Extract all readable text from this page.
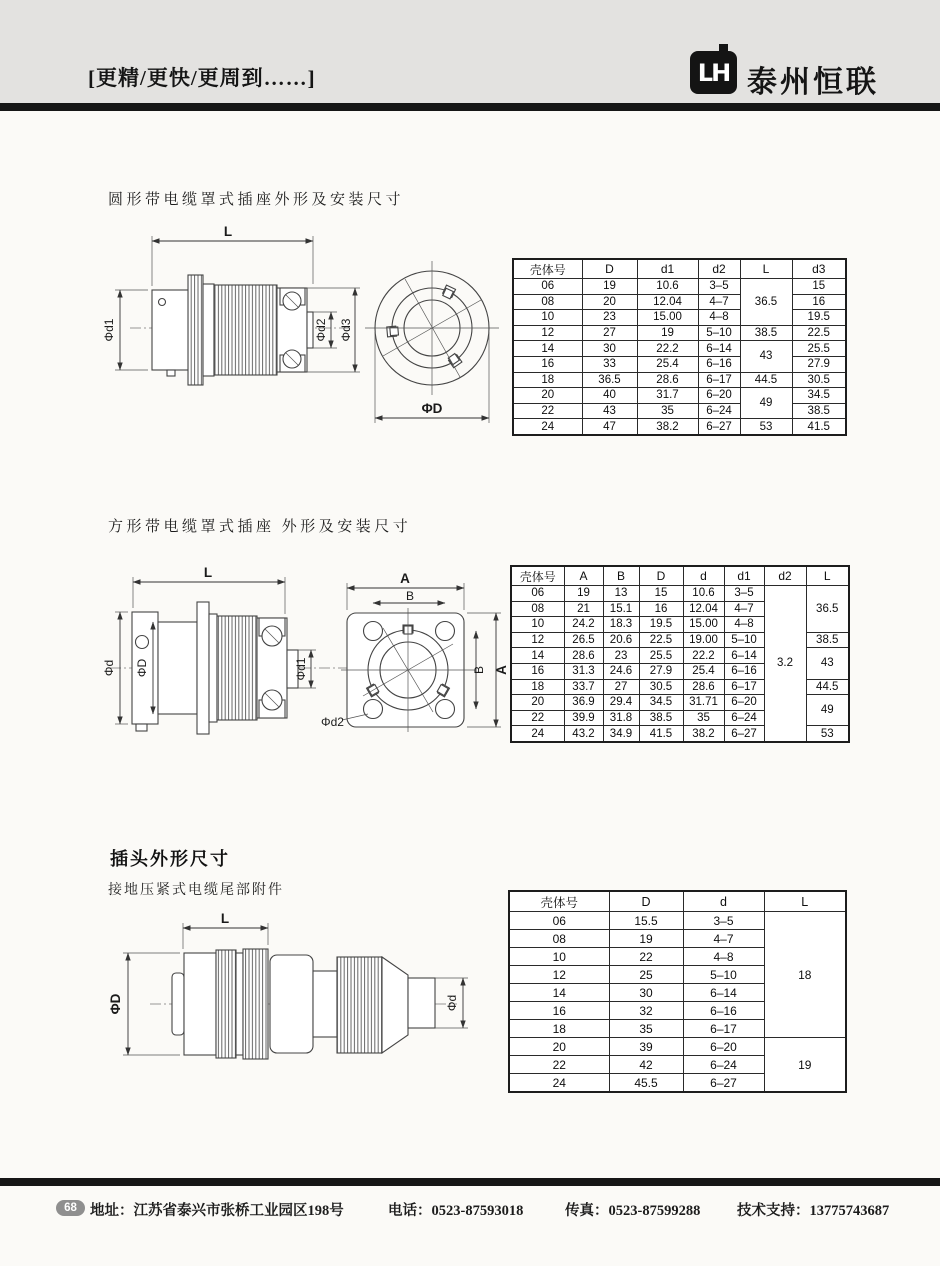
[更精/更快/更周到……]	LH 泰州恒联
圆形带电缆罩式插座外形及安装尺寸
L
Φd1	Φd2 Φd3
ΦD
壳体号	D	d1	d2	L	d3
06	19	10.6	3–5	36.5	15
08	20	12.04	4–7		16
10	23	15.00	4–8		19.5
12	27	19	5–10	38.5	22.5
14	30	22.2	6–14	43	25.5
16	33	25.4	6–16		27.9
18	36.5	28.6	6–17	44.5	30.5
20	40	31.7	6–20	49	34.5
22	43	35	6–24		38.5
24	47	38.2	6–27	53	41.5
方形带电缆罩式插座 外形及安装尺寸
L
Φd ΦD	Φd1
A
B
B A
Φd2
壳体号	A	B	D	d	d1	d2	L
06	19	13	15	10.6	3–5	3.2	36.5
08	21	15.1	16	12.04	4–7		
10	24.2	18.3	19.5	15.00	4–8		
12	26.5	20.6	22.5	19.00	5–10		38.5
14	28.6	23	25.5	22.2	6–14		43
16	31.3	24.6	27.9	25.4	6–16		
18	33.7	27	30.5	28.6	6–17		44.5
20	36.9	29.4	34.5	31.71	6–20		49
22	39.9	31.8	38.5	35	6–24		
24	43.2	34.9	41.5	38.2	6–27		53
插头外形尺寸
接地压紧式电缆尾部附件
L
ΦD	Φd
壳体号	D	d	L
06	15.5	3–5	18
08	19	4–7	
10	22	4–8	
12	25	5–10	
14	30	6–14	
16	32	6–16	
18	35	6–17	
20	39	6–20	19
22	42	6–24	
24	45.5	6–27	
68 地址：江苏省泰兴市张桥工业园区198号	电话：0523-87593018	传真：0523-87599288	技术支持：13775743687
